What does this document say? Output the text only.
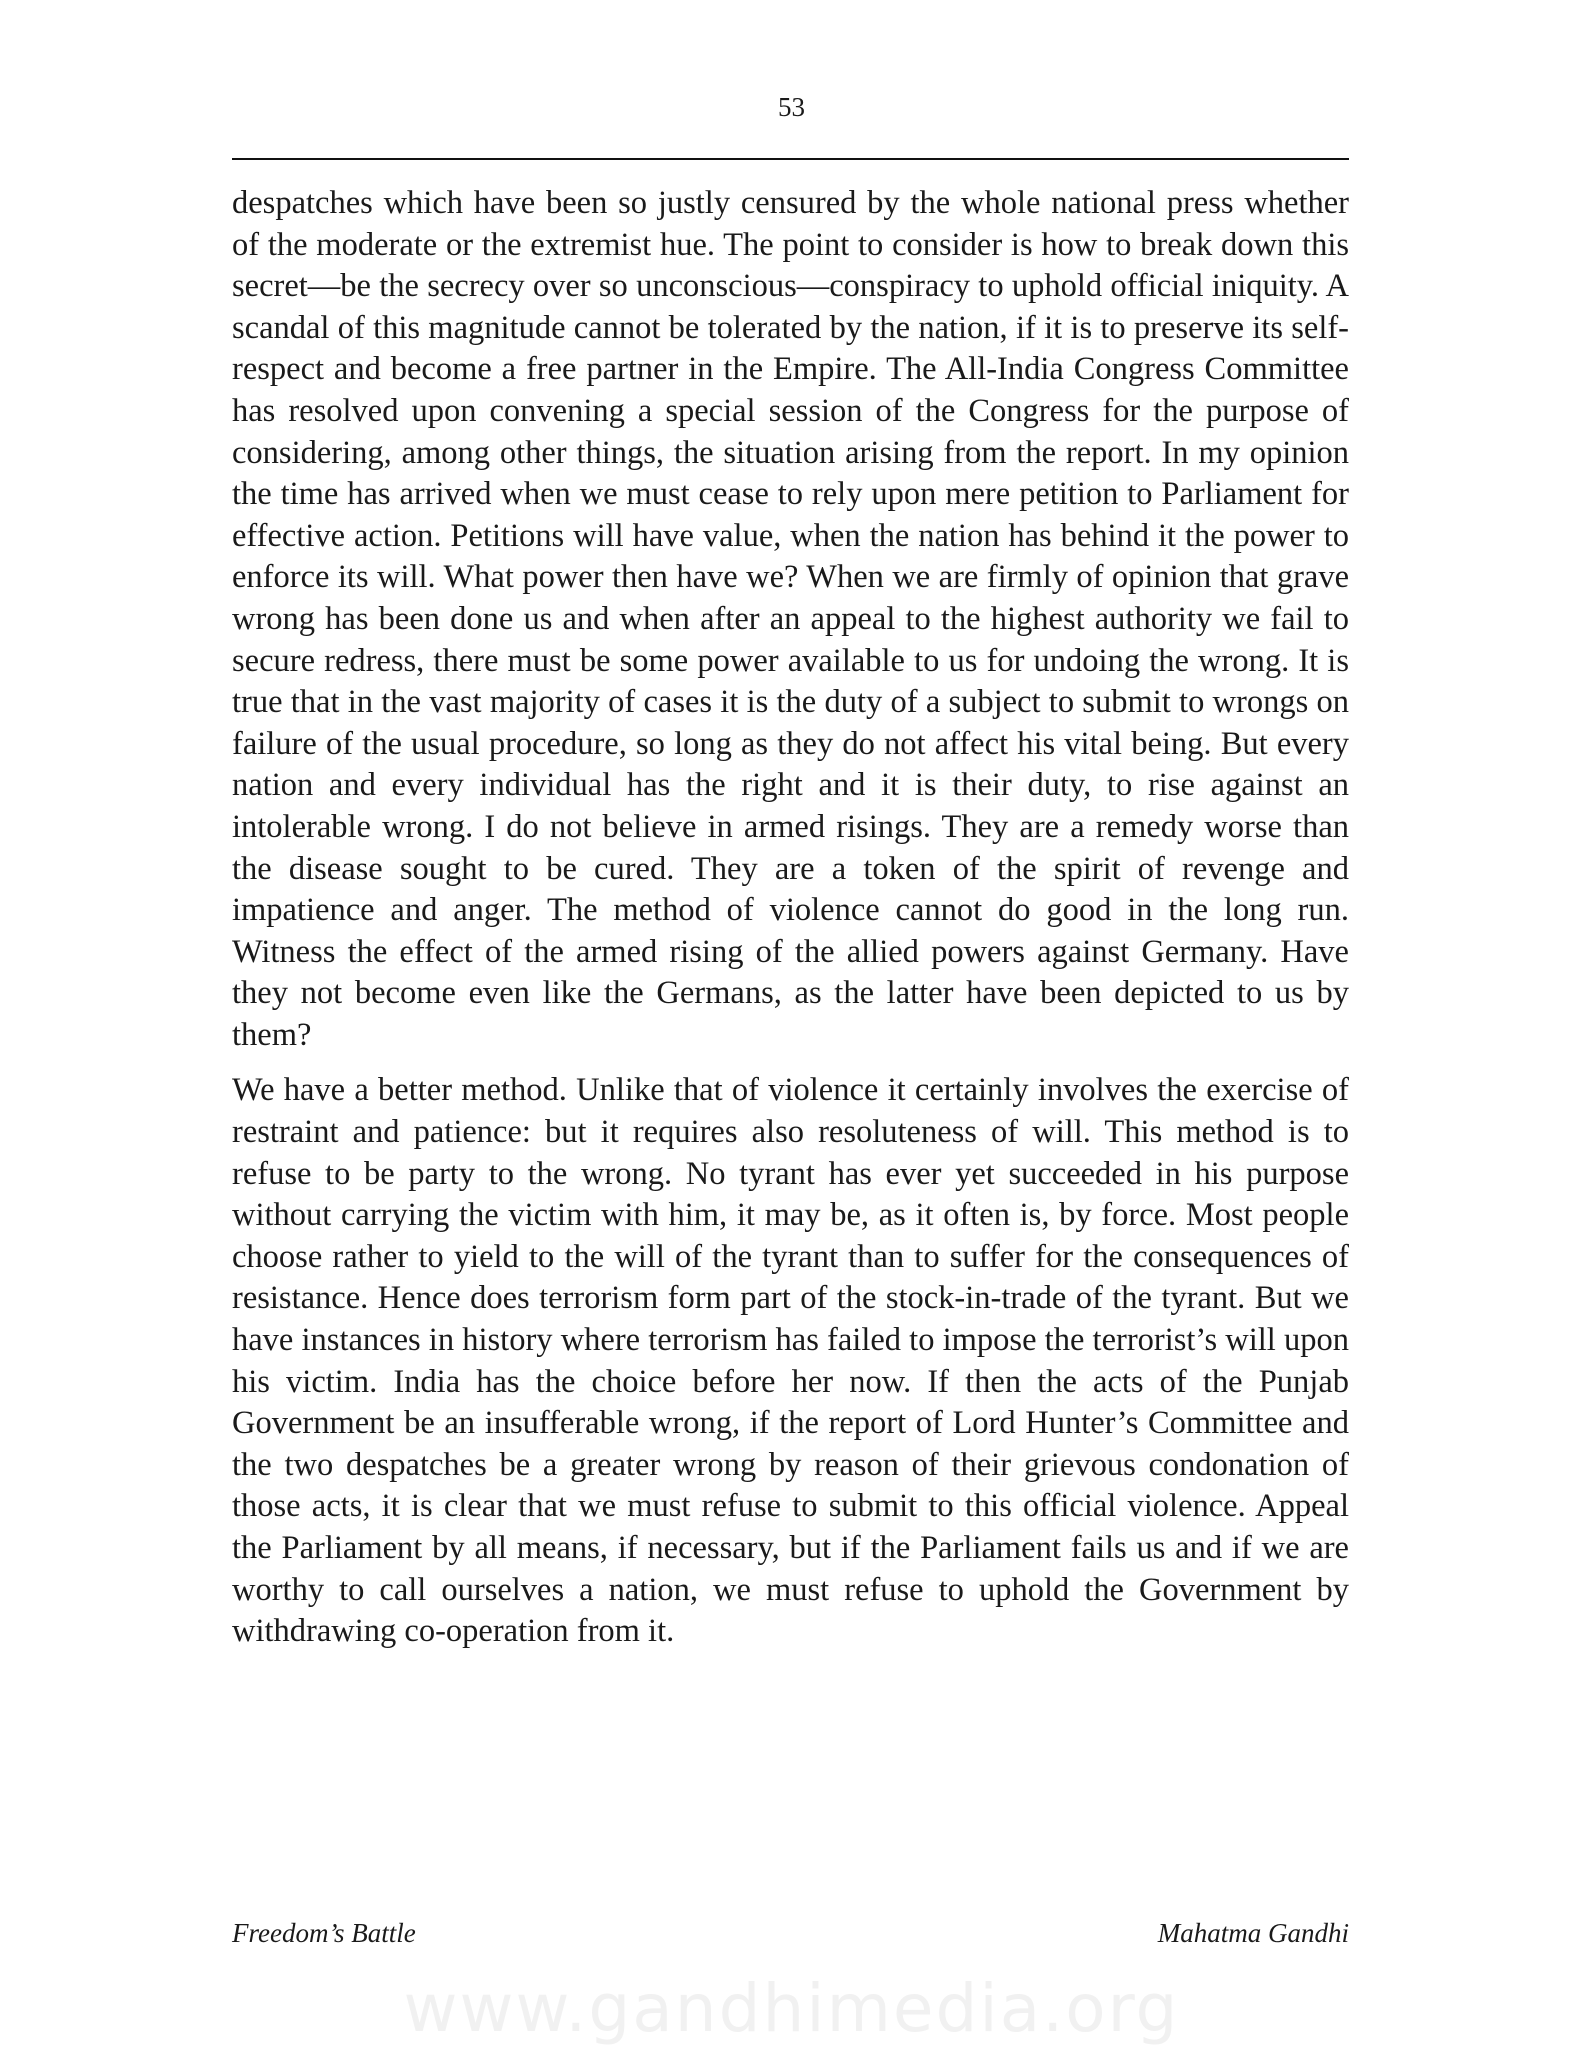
53

despatches which have been so justly censured by the whole national press whether of the moderate or the extremist hue. The point to consider is how to break down this secret—be the secrecy over so unconscious—conspiracy to uphold official iniquity. A scandal of this magnitude cannot be tolerated by the nation, if it is to preserve its self-respect and become a free partner in the Empire. The All-India Congress Committee has resolved upon convening a special session of the Congress for the purpose of considering, among other things, the situation arising from the report. In my opinion the time has arrived when we must cease to rely upon mere petition to Parliament for effective action. Petitions will have value, when the nation has behind it the power to enforce its will. What power then have we? When we are firmly of opinion that grave wrong has been done us and when after an appeal to the highest authority we fail to secure redress, there must be some power available to us for undoing the wrong. It is true that in the vast majority of cases it is the duty of a subject to submit to wrongs on failure of the usual procedure, so long as they do not affect his vital being. But every nation and every individual has the right and it is their duty, to rise against an intolerable wrong. I do not believe in armed risings. They are a remedy worse than the disease sought to be cured. They are a token of the spirit of revenge and impatience and anger. The method of violence cannot do good in the long run. Witness the effect of the armed rising of the allied powers against Germany. Have they not become even like the Germans, as the latter have been depicted to us by them?

We have a better method. Unlike that of violence it certainly involves the exercise of restraint and patience: but it requires also resoluteness of will. This method is to refuse to be party to the wrong. No tyrant has ever yet succeeded in his purpose without carrying the victim with him, it may be, as it often is, by force. Most people choose rather to yield to the will of the tyrant than to suffer for the consequences of resistance. Hence does terrorism form part of the stock-in-trade of the tyrant. But we have instances in history where terrorism has failed to impose the terrorist’s will upon his victim. India has the choice before her now. If then the acts of the Punjab Government be an insufferable wrong, if the report of Lord Hunter’s Committee and the two despatches be a greater wrong by reason of their grievous condonation of those acts, it is clear that we must refuse to submit to this official violence. Appeal the Parliament by all means, if necessary, but if the Parliament fails us and if we are worthy to call ourselves a nation, we must refuse to uphold the Government by withdrawing co-operation from it.

Freedom’s Battle	Mahatma Gandhi
www.gandhimedia.org
